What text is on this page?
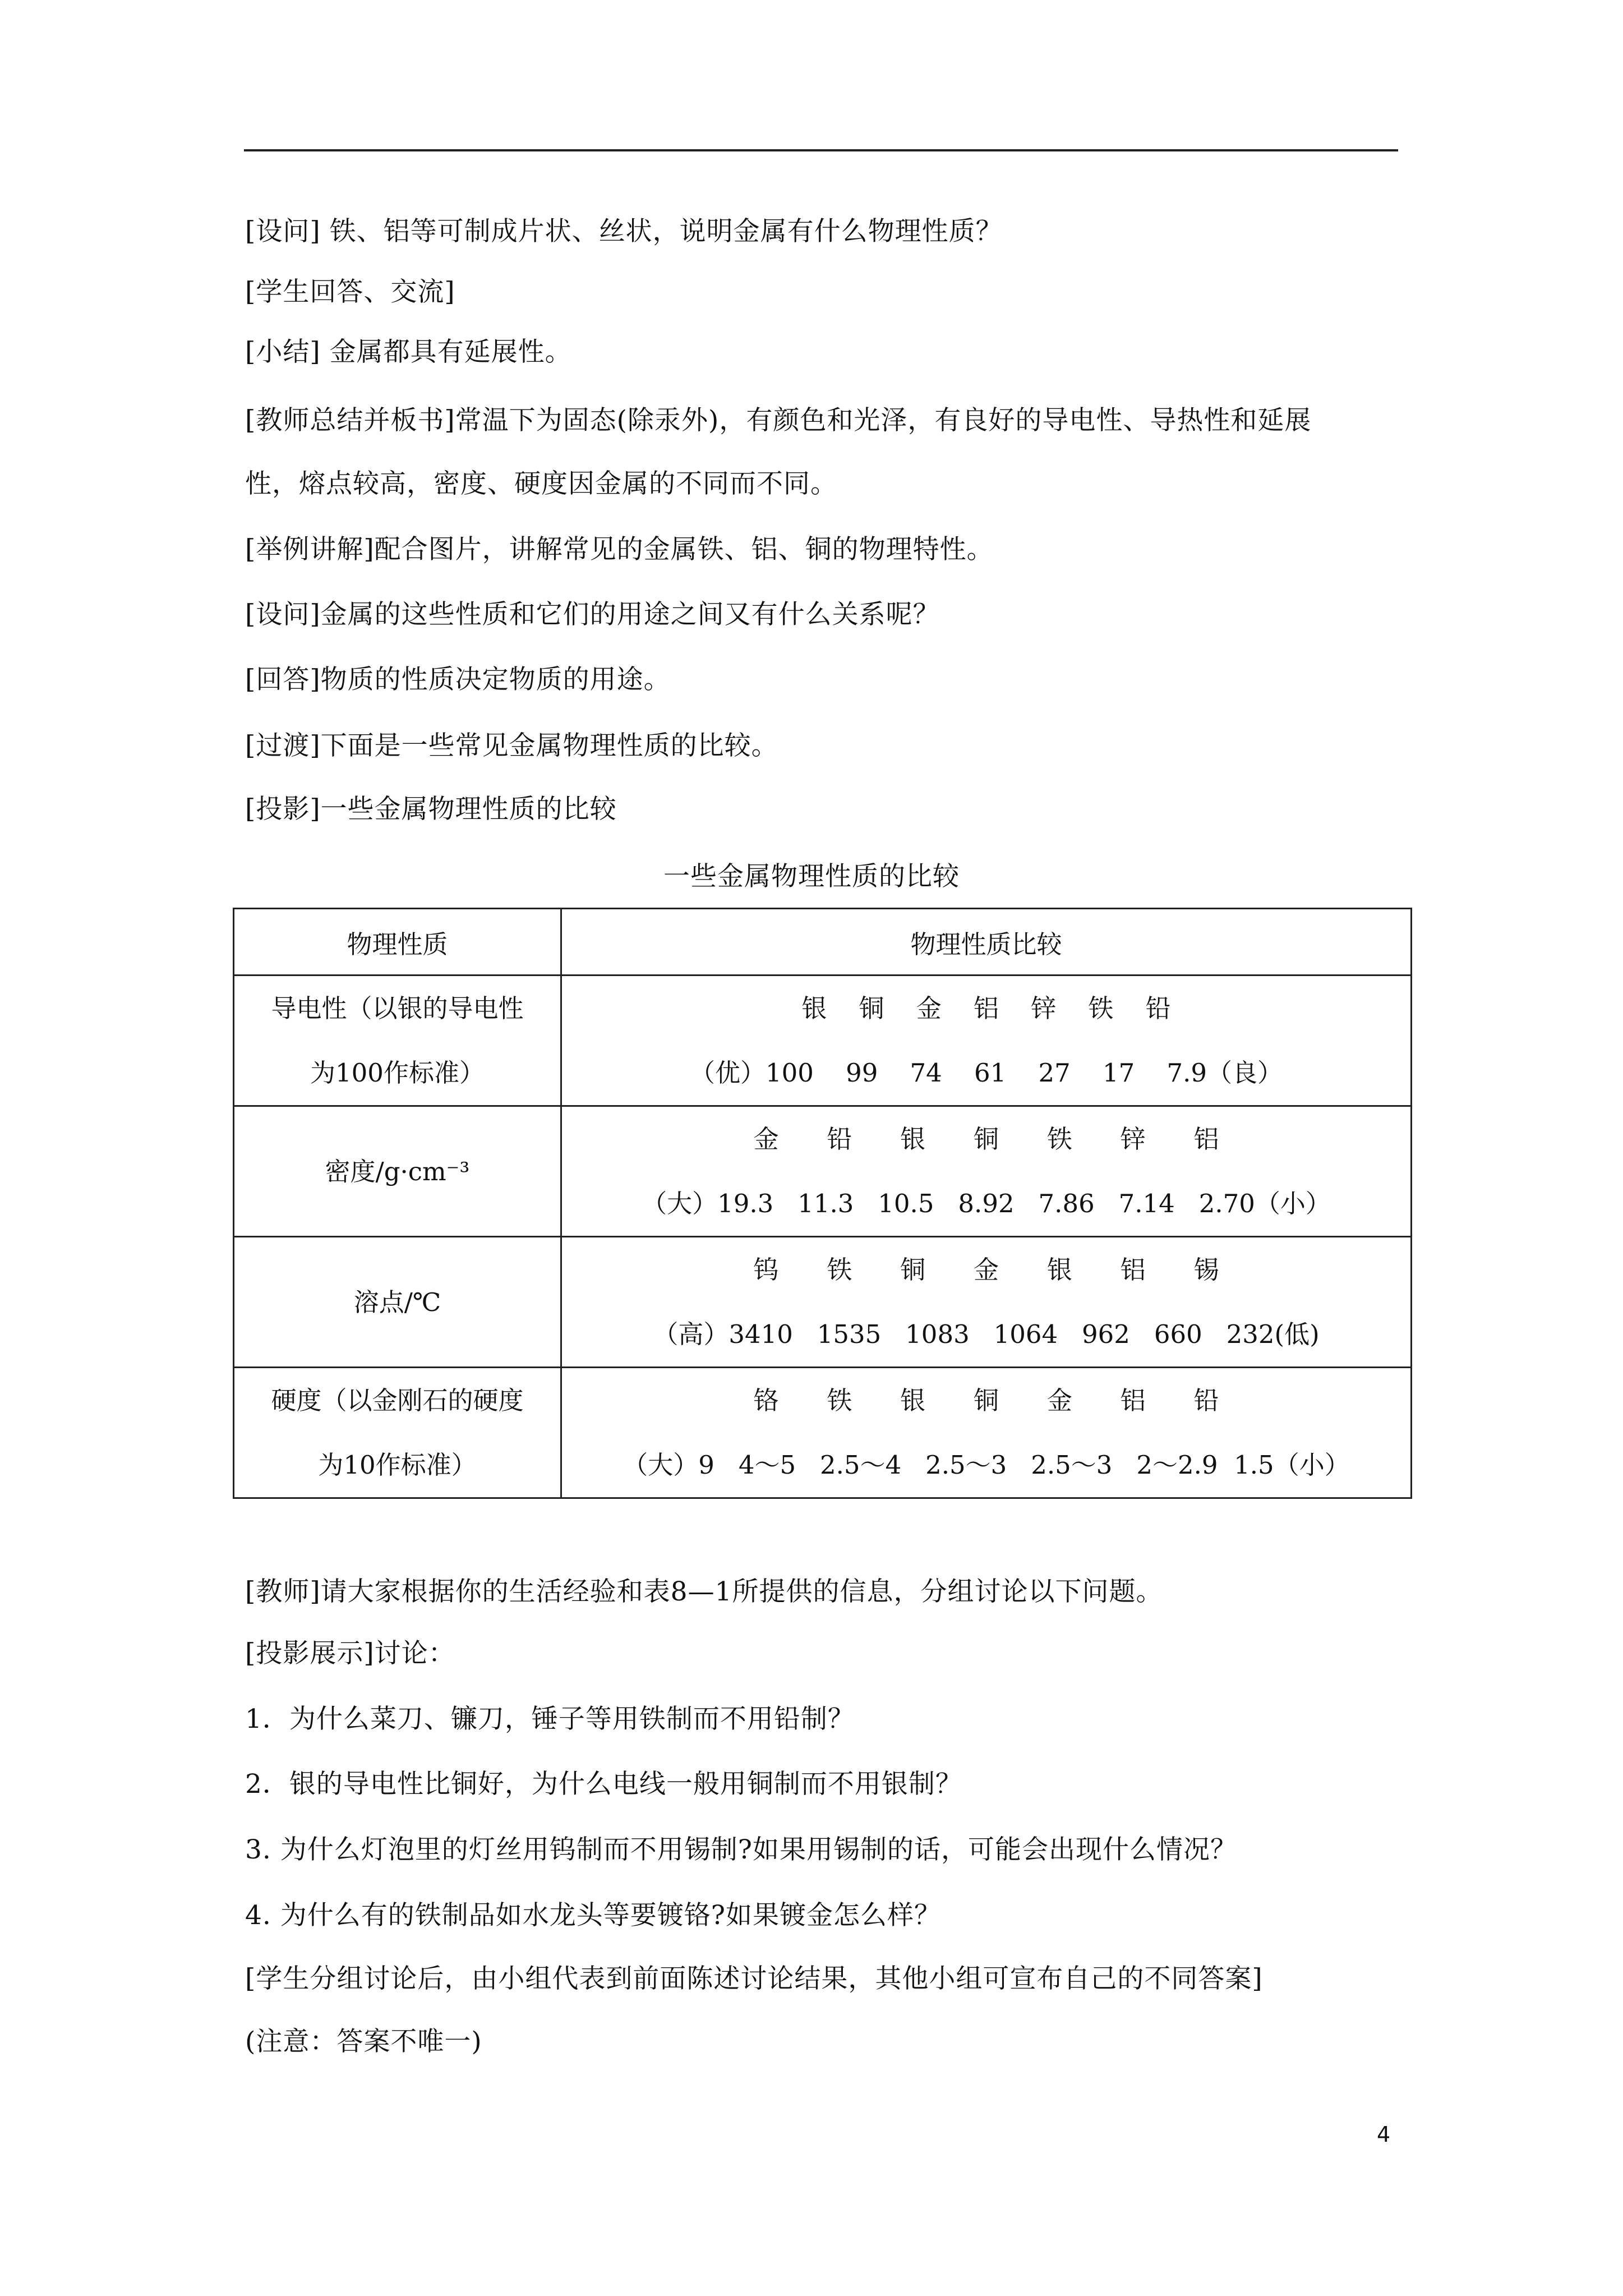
[设问] 铁、铝等可制成片状、丝状，说明金属有什么物理性质？
[学生回答、交流]
[小结] 金属都具有延展性。
[教师总结并板书]常温下为固态(除汞外)，有颜色和光泽，有良好的导电性、导热性和延展
性，熔点较高，密度、硬度因金属的不同而不同。
[举例讲解]配合图片，讲解常见的金属铁、铝、铜的物理特性。
[设问]金属的这些性质和它们的用途之间又有什么关系呢？
[回答]物质的性质决定物质的用途。
[过渡]下面是一些常见金属物理性质的比较。
[投影]一些金属物理性质的比较
一些金属物理性质的比较
物理性质	物理性质比较

导电性（以银的导电性
为100作标准）	银    铜    金    铝    锌    铁    铅
（优）100    99    74    61    27    17    7.9（良）

密度/g·cm⁻³	金      铅      银      铜      铁      锌      铝
（大）19.3   11.3   10.5   8.92   7.86   7.14   2.70（小）

溶点/℃	钨      铁      铜      金      银      铝      锡
（高）3410   1535   1083   1064   962   660   232(低)

硬度（以金刚石的硬度
为10作标准）	铬      铁      银      铜      金      铝      铅
（大）9   4～5   2.5～4   2.5～3   2.5～3   2～2.9  1.5（小）
[教师]请大家根据你的生活经验和表8—1所提供的信息，分组讨论以下问题。
[投影展示]讨论：
1．为什么菜刀、镰刀，锤子等用铁制而不用铅制？
2．银的导电性比铜好，为什么电线一般用铜制而不用银制？
3. 为什么灯泡里的灯丝用钨制而不用锡制?如果用锡制的话，可能会出现什么情况？
4. 为什么有的铁制品如水龙头等要镀铬?如果镀金怎么样？
[学生分组讨论后，由小组代表到前面陈述讨论结果，其他小组可宣布自己的不同答案]
(注意：答案不唯一)
4
